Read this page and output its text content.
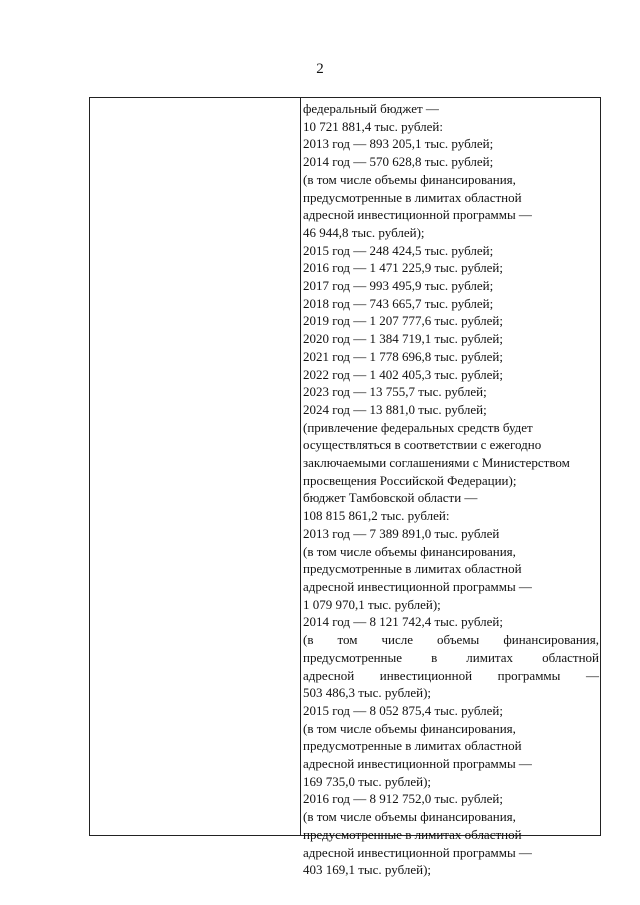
2
федеральный бюджет —
10 721 881,4 тыс. рублей:
2013 год — 893 205,1 тыс. рублей;
2014 год — 570 628,8 тыс. рублей;
(в том числе объемы финансирования,
предусмотренные в лимитах областной
адресной инвестиционной программы —
46 944,8 тыс. рублей);
2015 год — 248 424,5 тыс. рублей;
2016 год — 1 471 225,9 тыс. рублей;
2017 год — 993 495,9 тыс. рублей;
2018 год — 743 665,7 тыс. рублей;
2019 год — 1 207 777,6 тыс. рублей;
2020 год — 1 384 719,1 тыс. рублей;
2021 год — 1 778 696,8 тыс. рублей;
2022 год — 1 402 405,3 тыс. рублей;
2023 год — 13 755,7 тыс. рублей;
2024 год — 13 881,0 тыс. рублей;
(привлечение федеральных средств будет
осуществляться в соответствии с ежегодно
заключаемыми соглашениями с Министерством
просвещения Российской Федерации);
бюджет Тамбовской области —
108 815 861,2 тыс. рублей:
2013 год — 7 389 891,0 тыс. рублей
(в том числе объемы финансирования,
предусмотренные в лимитах областной
адресной инвестиционной программы —
1 079 970,1 тыс. рублей);
2014 год — 8 121 742,4 тыс. рублей;
(в том числе объемы финансирования,
предусмотренные в лимитах областной
адресной инвестиционной программы —
503 486,3 тыс. рублей);
2015 год — 8 052 875,4 тыс. рублей;
(в том числе объемы финансирования,
предусмотренные в лимитах областной
адресной инвестиционной программы —
169 735,0 тыс. рублей);
2016 год — 8 912 752,0 тыс. рублей;
(в том числе объемы финансирования,
предусмотренные в лимитах областной
адресной инвестиционной программы —
403 169,1 тыс. рублей);
